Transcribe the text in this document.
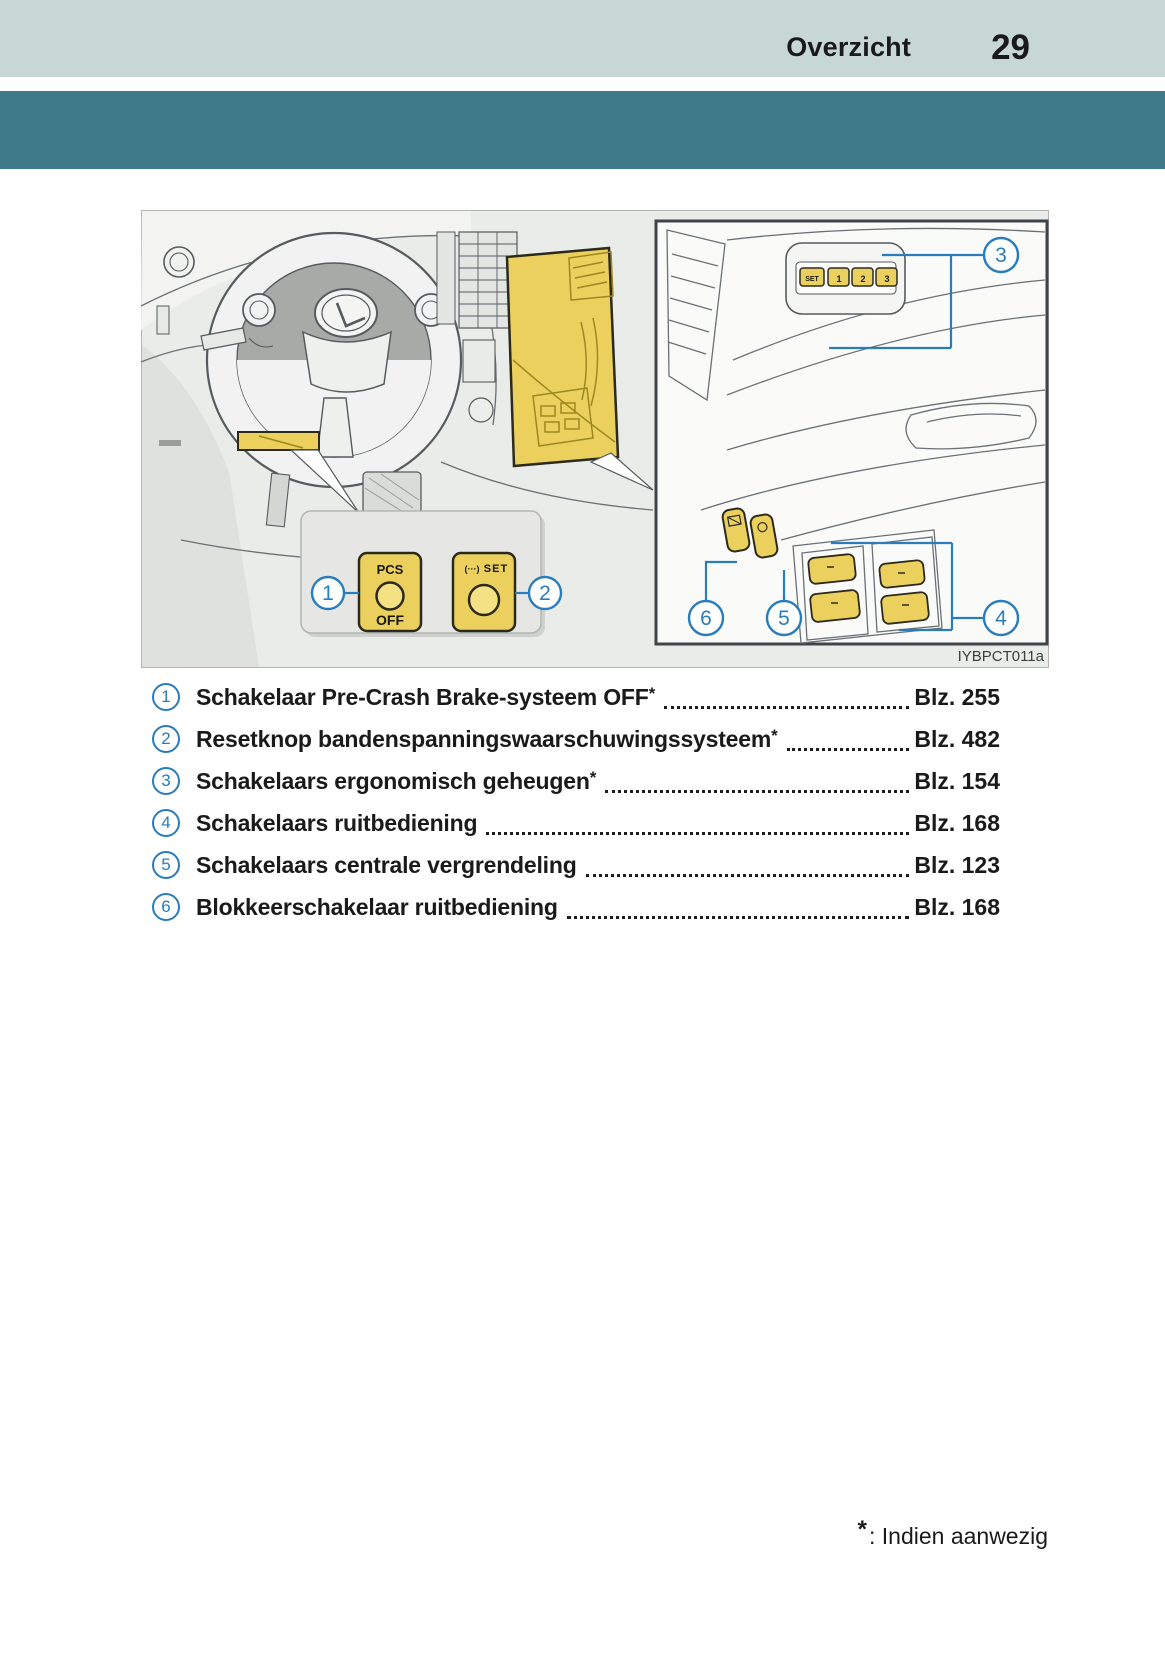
Overzicht 29
SET 1 2 3
PCS
OFF
(···) SET
1	2
3
4
5
6
IYBPCT011a
1 Schakelaar Pre-Crash Brake-systeem OFF*	Blz. 255
2 Resetknop bandenspanningswaarschuwingssysteem*	Blz. 482
3 Schakelaars ergonomisch geheugen*	Blz. 154
4 Schakelaars ruitbediening	Blz. 168
5 Schakelaars centrale vergrendeling	Blz. 123
6 Blokkeerschakelaar ruitbediening	Blz. 168
*: Indien aanwezig
